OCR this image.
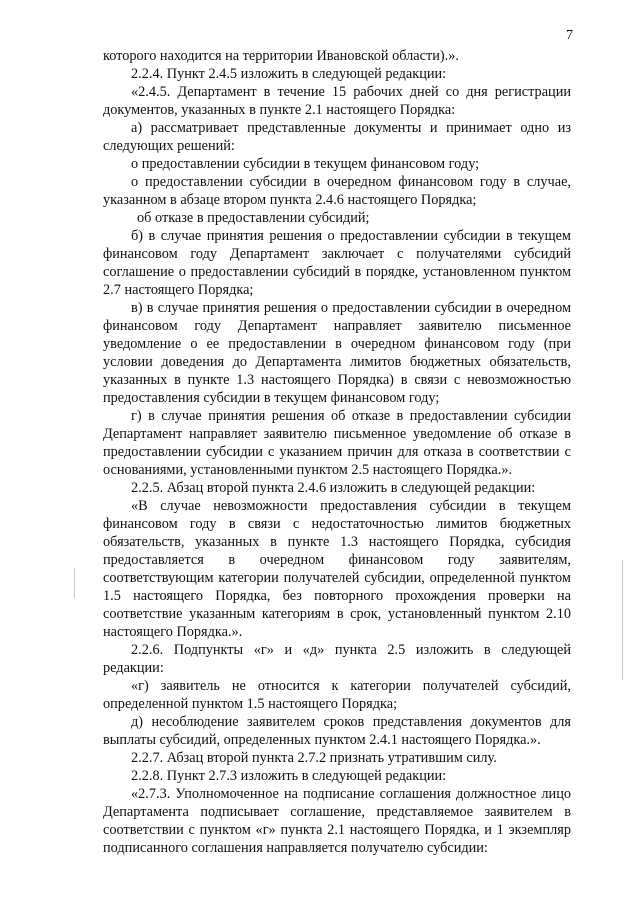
7

которого находится на территории Ивановской области).».

2.2.4. Пункт 2.4.5 изложить в следующей редакции:

«2.4.5. Департамент в течение 15 рабочих дней со дня регистрации документов, указанных в пункте 2.1 настоящего Порядка:

а) рассматривает представленные документы и принимает одно из следующих решений:

о предоставлении субсидии в текущем финансовом году;

о предоставлении субсидии в очередном финансовом году в случае, указанном в абзаце втором пункта 2.4.6 настоящего Порядка;

об отказе в предоставлении субсидий;

б) в случае принятия решения о предоставлении субсидии в текущем финансовом году Департамент заключает с получателями субсидий соглашение о предоставлении субсидий в порядке, установленном пунктом 2.7 настоящего Порядка;

в) в случае принятия решения о предоставлении субсидии в очередном финансовом году Департамент направляет заявителю письменное уведомление о ее предоставлении в очередном финансовом году (при условии доведения до Департамента лимитов бюджетных обязательств, указанных в пункте 1.3 настоящего Порядка) в связи с невозможностью предоставления субсидии в текущем финансовом году;

г) в случае принятия решения об отказе в предоставлении субсидии Департамент направляет заявителю письменное уведомление об отказе в предоставлении субсидии с указанием причин для отказа в соответствии с основаниями, установленными пунктом 2.5 настоящего Порядка.».

2.2.5. Абзац второй пункта 2.4.6 изложить в следующей редакции:

«В случае невозможности предоставления субсидии в текущем финансовом году в связи с недостаточностью лимитов бюджетных обязательств, указанных в пункте 1.3 настоящего Порядка, субсидия предоставляется в очередном финансовом году заявителям, соответствующим категории получателей субсидии, определенной пунктом 1.5 настоящего Порядка, без повторного прохождения проверки на соответствие указанным категориям в срок, установленный пунктом 2.10 настоящего Порядка.».

2.2.6. Подпункты «г» и «д» пункта 2.5 изложить в следующей редакции:

«г) заявитель не относится к категории получателей субсидий, определенной пунктом 1.5 настоящего Порядка;

д) несоблюдение заявителем сроков представления документов для выплаты субсидий, определенных пунктом 2.4.1 настоящего Порядка.».

2.2.7. Абзац второй пункта 2.7.2 признать утратившим силу.

2.2.8. Пункт 2.7.3 изложить в следующей редакции:

«2.7.3. Уполномоченное на подписание соглашения должностное лицо Департамента подписывает соглашение, представляемое заявителем в соответствии с пунктом «г» пункта 2.1 настоящего Порядка, и 1 экземпляр подписанного соглашения направляется получателю субсидии:
